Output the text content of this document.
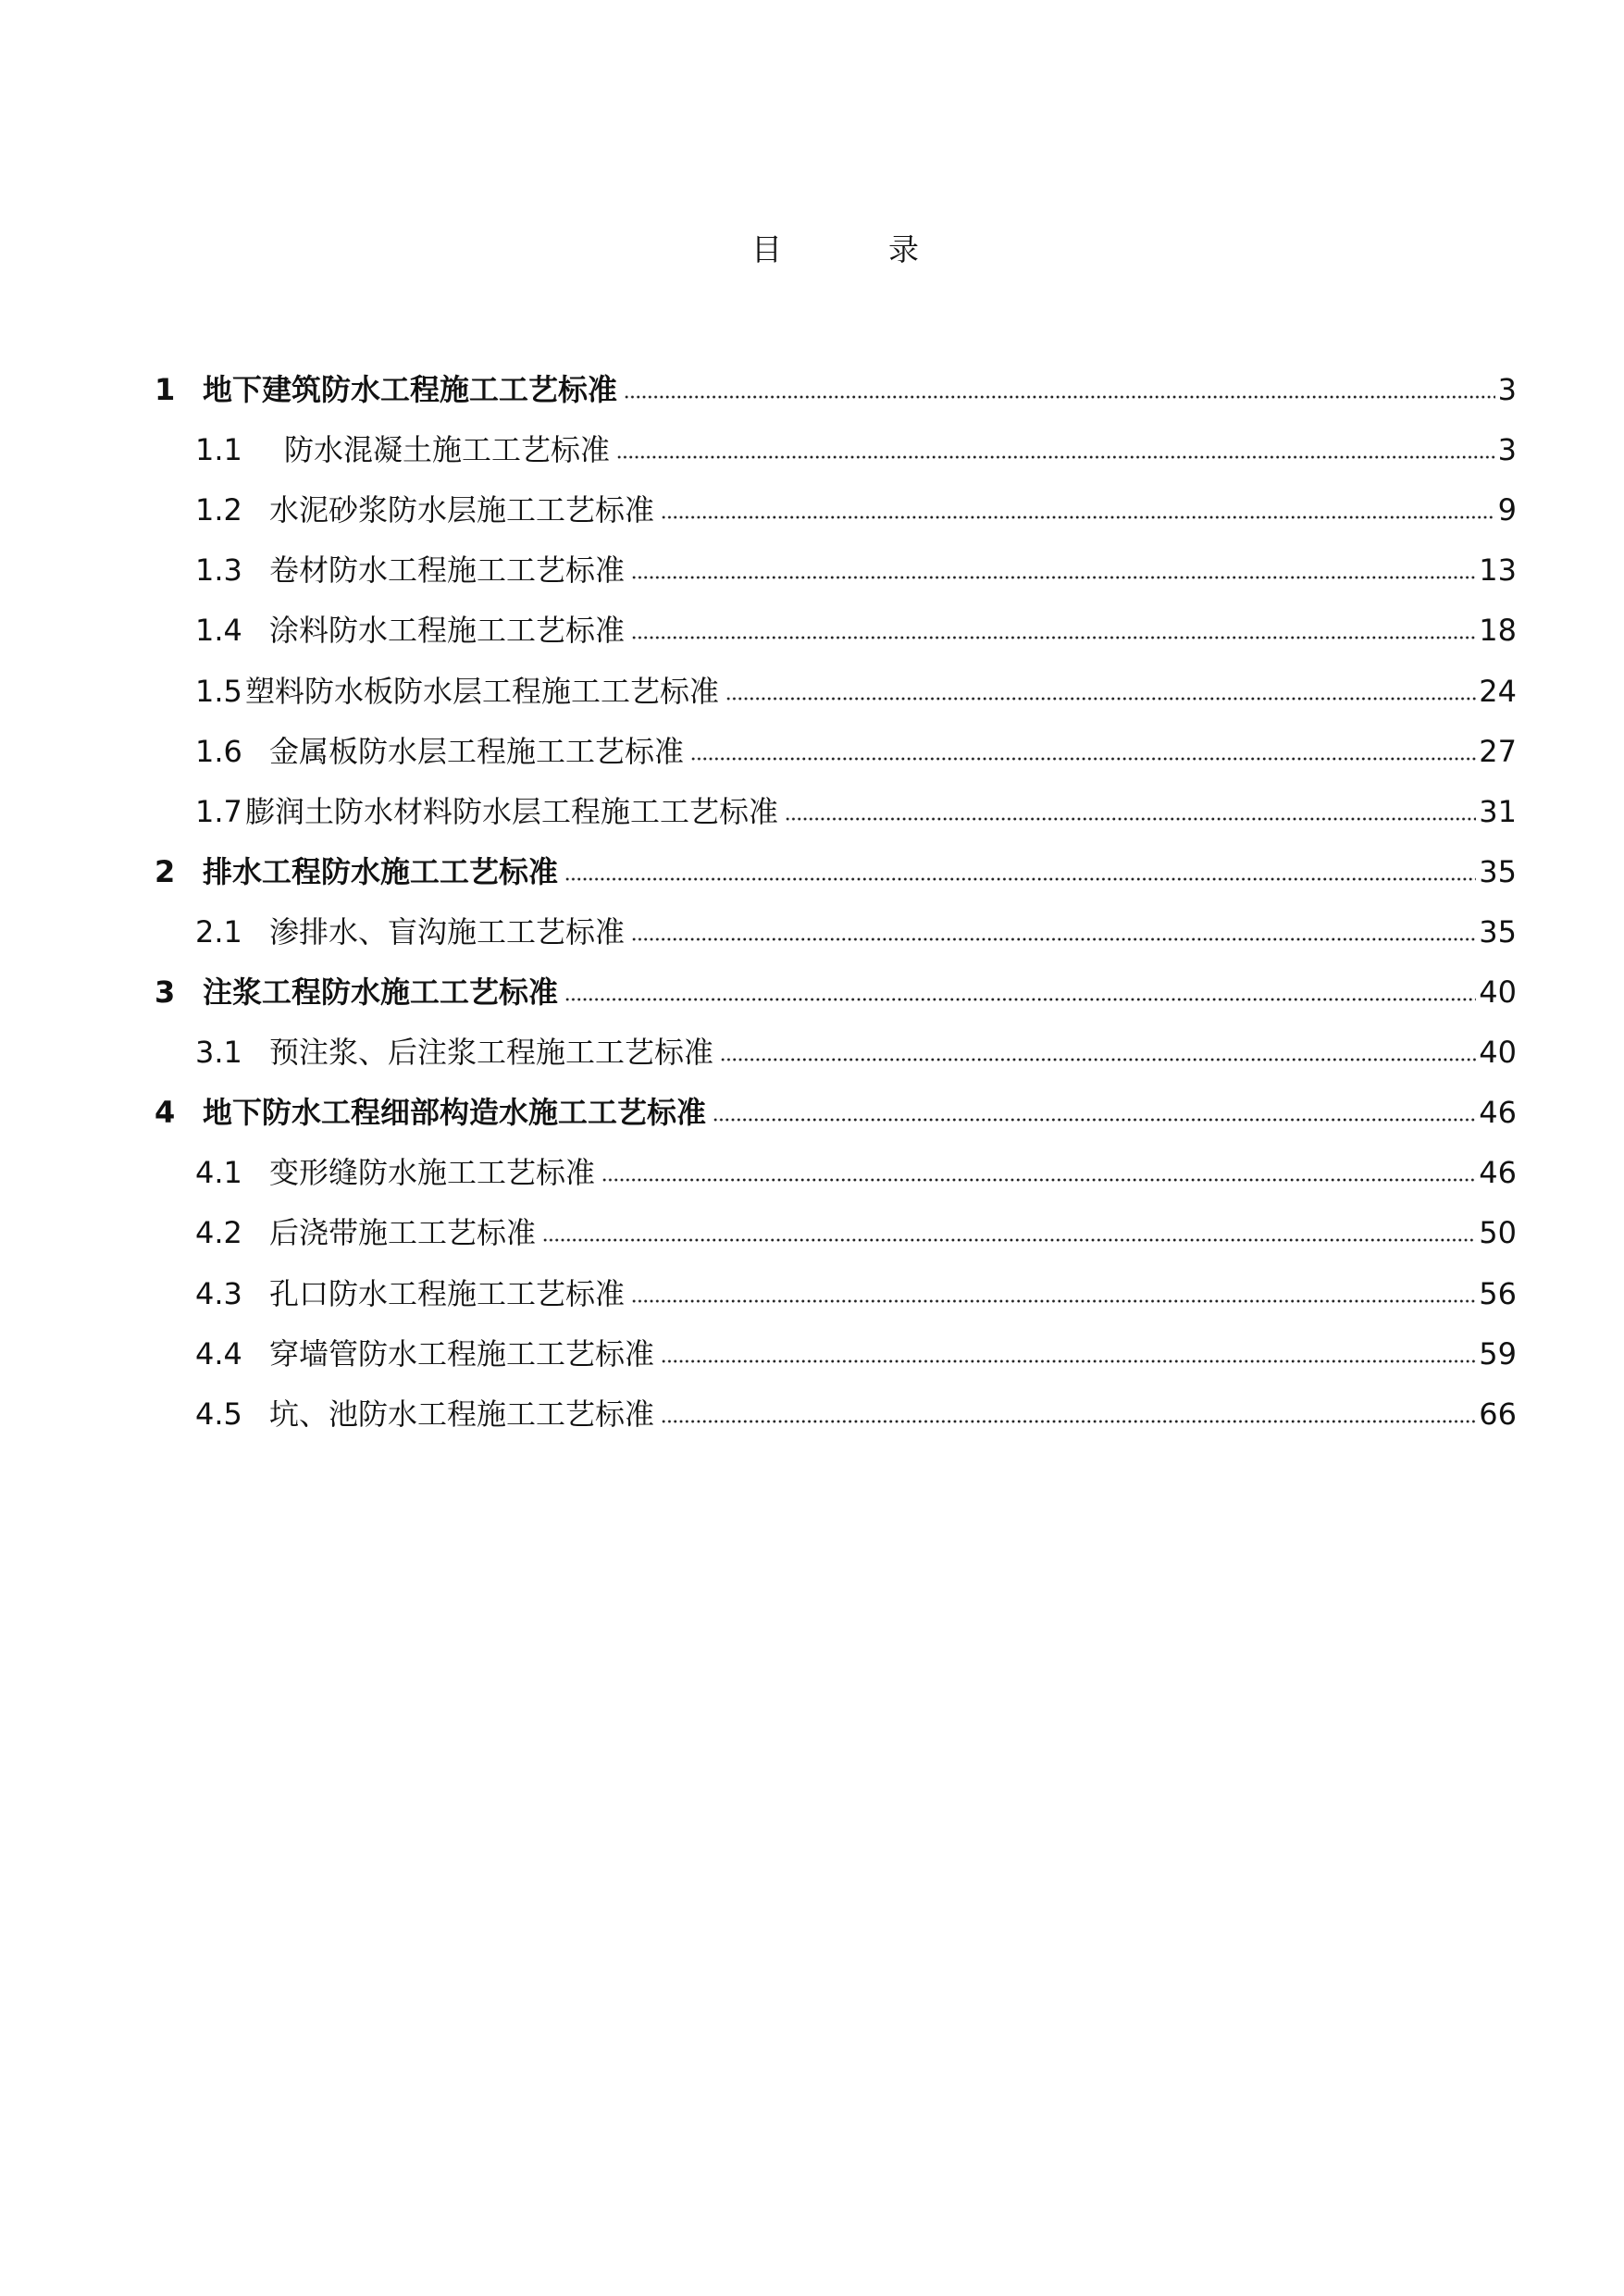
目录
1 地下建筑防水工程施工工艺标准	3
1.1	防水混凝土施工工艺标准	3
1.2 水泥砂浆防水层施工工艺标准	9
1.3 卷材防水工程施工工艺标准	13
1.4 涂料防水工程施工工艺标准	18
1.5 塑料防水板防水层工程施工工艺标准	24
1.6 金属板防水层工程施工工艺标准	27
1.7 膨润土防水材料防水层工程施工工艺标准	31
2 排水工程防水施工工艺标准	35
2.1 渗排水、盲沟施工工艺标准	35
3 注浆工程防水施工工艺标准	40
3.1 预注浆、后注浆工程施工工艺标准	40
4 地下防水工程细部构造水施工工艺标准	46
4.1 变形缝防水施工工艺标准	46
4.2 后浇带施工工艺标准	50
4.3 孔口防水工程施工工艺标准	56
4.4 穿墙管防水工程施工工艺标准	59
4.5 坑、池防水工程施工工艺标准	66
